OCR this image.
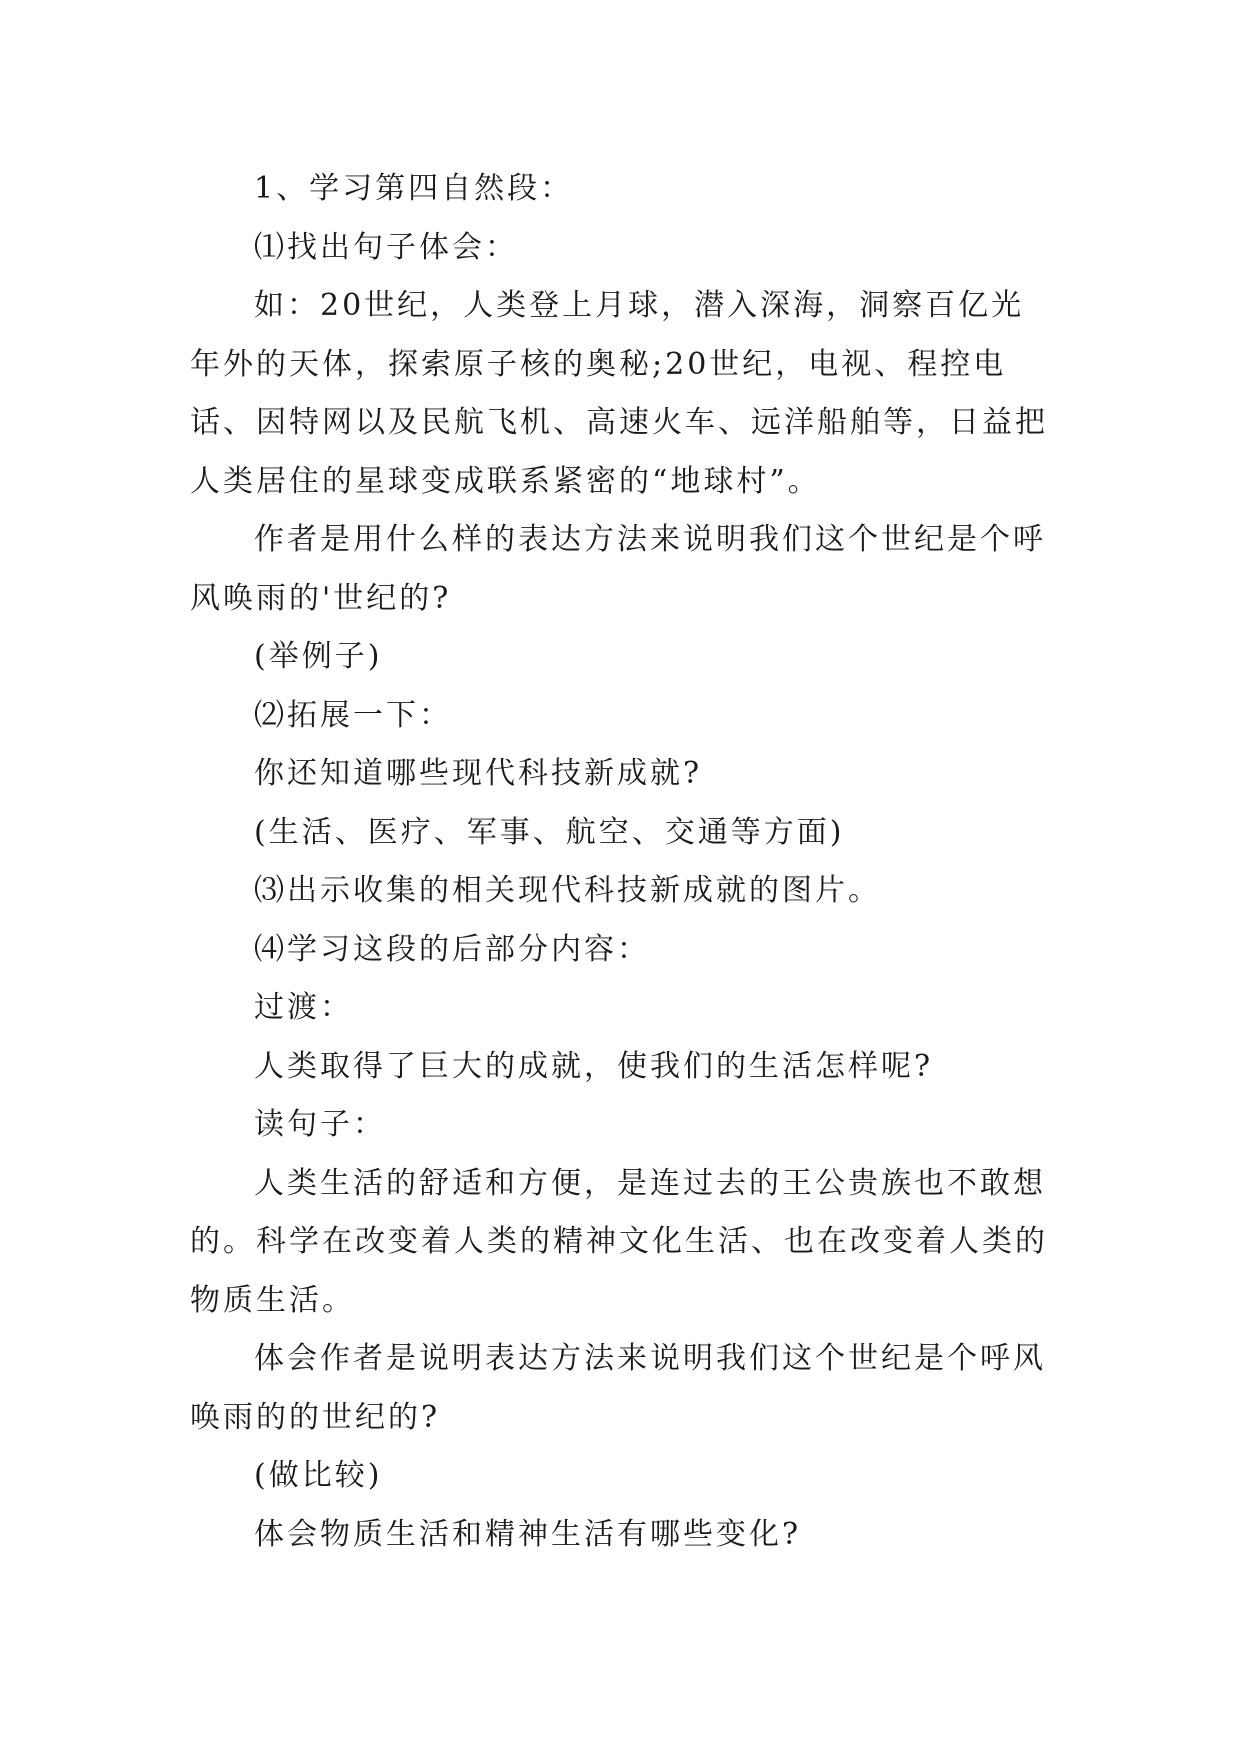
1、学习第四自然段：

⑴找出句子体会：

如：20世纪，人类登上月球，潜入深海，洞察百亿光年外的天体，探索原子核的奥秘;20世纪，电视、程控电话、因特网以及民航飞机、高速火车、远洋船舶等，日益把人类居住的星球变成联系紧密的“地球村”。

作者是用什么样的表达方法来说明我们这个世纪是个呼风唤雨的'世纪的?

(举例子)

⑵拓展一下：

你还知道哪些现代科技新成就?

(生活、医疗、军事、航空、交通等方面)

⑶出示收集的相关现代科技新成就的图片。

⑷学习这段的后部分内容：

过渡：

人类取得了巨大的成就，使我们的生活怎样呢?

读句子：

人类生活的舒适和方便，是连过去的王公贵族也不敢想的。科学在改变着人类的精神文化生活、也在改变着人类的物质生活。

体会作者是说明表达方法来说明我们这个世纪是个呼风唤雨的的世纪的?

(做比较)

体会物质生活和精神生活有哪些变化?
